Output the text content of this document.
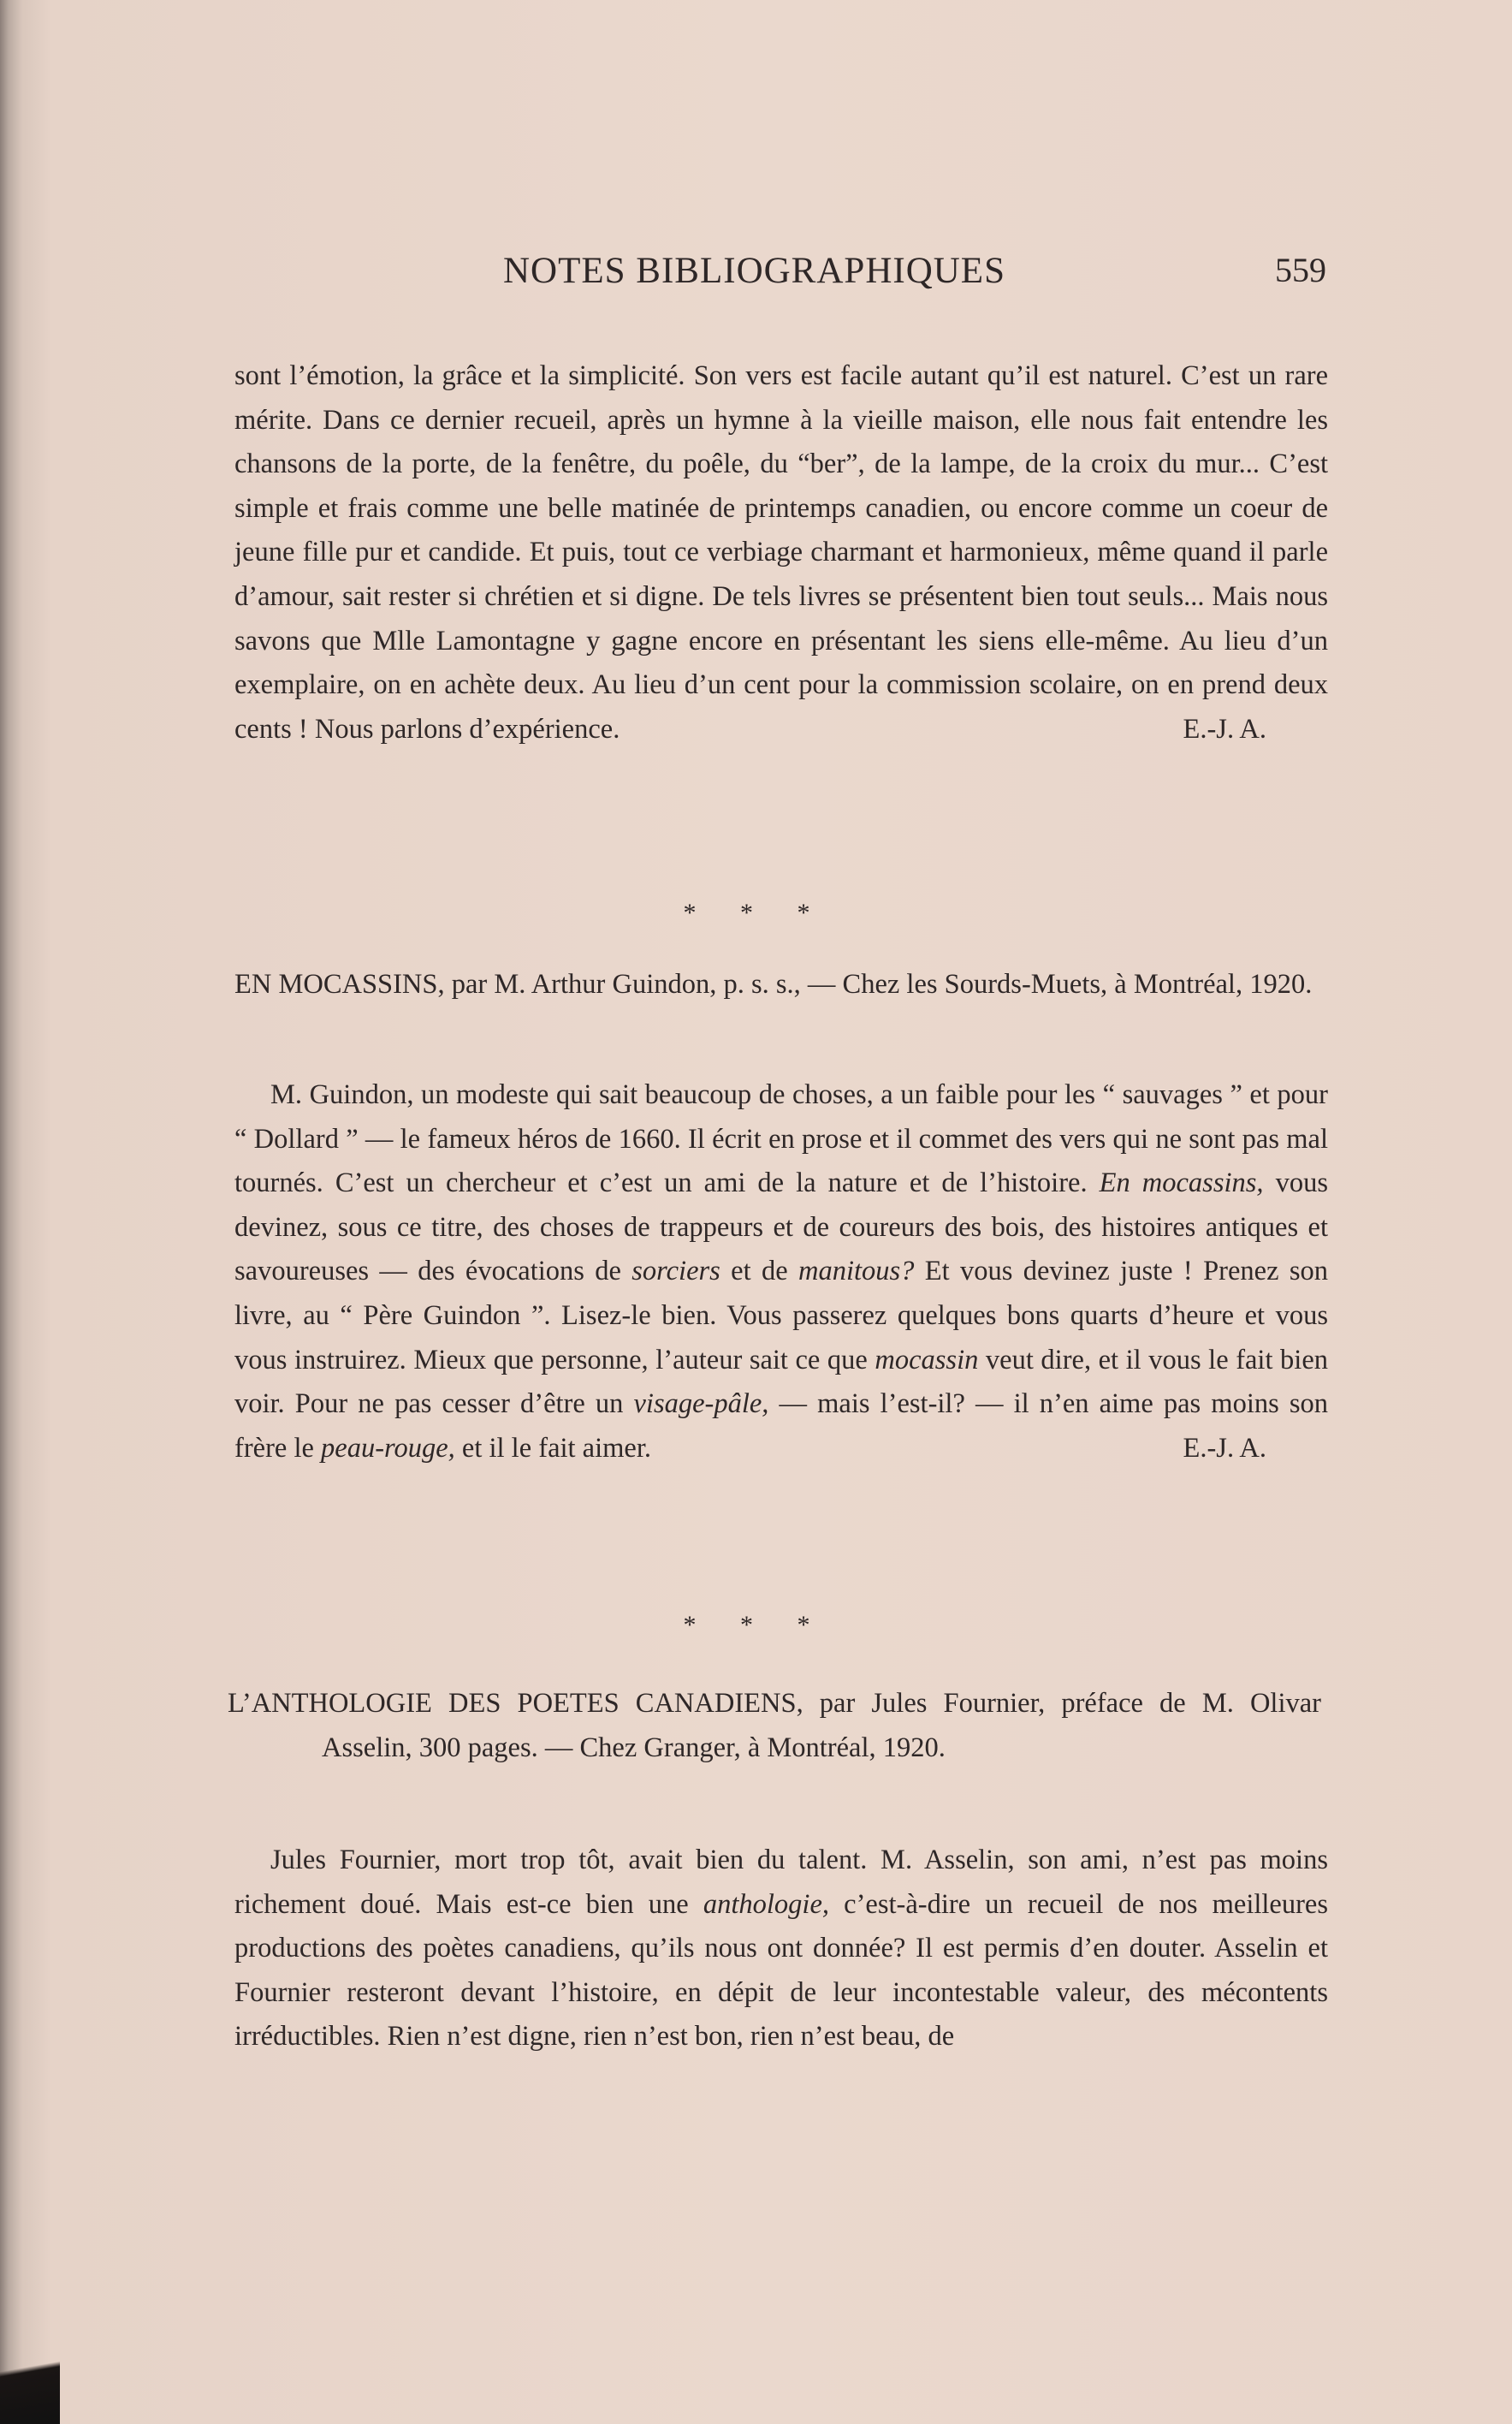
NOTES BIBLIOGRAPHIQUES	559

sont l’émotion, la grâce et la simplicité. Son vers est facile autant qu’il est naturel. C’est un rare mérite. Dans ce dernier recueil, après un hymne à la vieille maison, elle nous fait entendre les chansons de la porte, de la fenêtre, du poêle, du “ber”, de la lampe, de la croix du mur... C’est simple et frais comme une belle matinée de printemps canadien, ou encore comme un coeur de jeune fille pur et candide. Et puis, tout ce verbiage charmant et harmonieux, même quand il parle d’amour, sait rester si chrétien et si digne. De tels livres se présentent bien tout seuls... Mais nous savons que Mlle Lamontagne y gagne encore en présentant les siens elle-même. Au lieu d’un exemplaire, on en achète deux. Au lieu d’un cent pour la commission scolaire, on en prend deux cents ! Nous parlons d’expérience.	E.-J. A.

* * *

EN MOCASSINS, par M. Arthur Guindon, p. s. s., — Chez les Sourds-Muets, à Montréal, 1920.

M. Guindon, un modeste qui sait beaucoup de choses, a un faible pour les “ sauvages ” et pour “ Dollard ” — le fameux héros de 1660. Il écrit en prose et il commet des vers qui ne sont pas mal tournés. C’est un chercheur et c’est un ami de la nature et de l’histoire. En mocassins, vous devinez, sous ce titre, des choses de trappeurs et de coureurs des bois, des histoires antiques et savoureuses — des évocations de sorciers et de manitous? Et vous devinez juste ! Prenez son livre, au “ Père Guindon ”. Lisez-le bien. Vous passerez quelques bons quarts d’heure et vous vous instruirez. Mieux que personne, l’auteur sait ce que mocassin veut dire, et il vous le fait bien voir. Pour ne pas cesser d’être un visage-pâle, — mais l’est-il? — il n’en aime pas moins son frère le peau-rouge, et il le fait aimer.	E.-J. A.

* * *

L’ANTHOLOGIE DES POETES CANADIENS, par Jules Fournier, préface de M. Olivar Asselin, 300 pages. — Chez Granger, à Montréal, 1920.

Jules Fournier, mort trop tôt, avait bien du talent. M. Asselin, son ami, n’est pas moins richement doué. Mais est-ce bien une anthologie, c’est-à-dire un recueil de nos meilleures productions des poètes canadiens, qu’ils nous ont donnée? Il est permis d’en douter. Asselin et Fournier resteront devant l’histoire, en dépit de leur incontestable valeur, des mécontents irréductibles. Rien n’est digne, rien n’est bon, rien n’est beau, de
